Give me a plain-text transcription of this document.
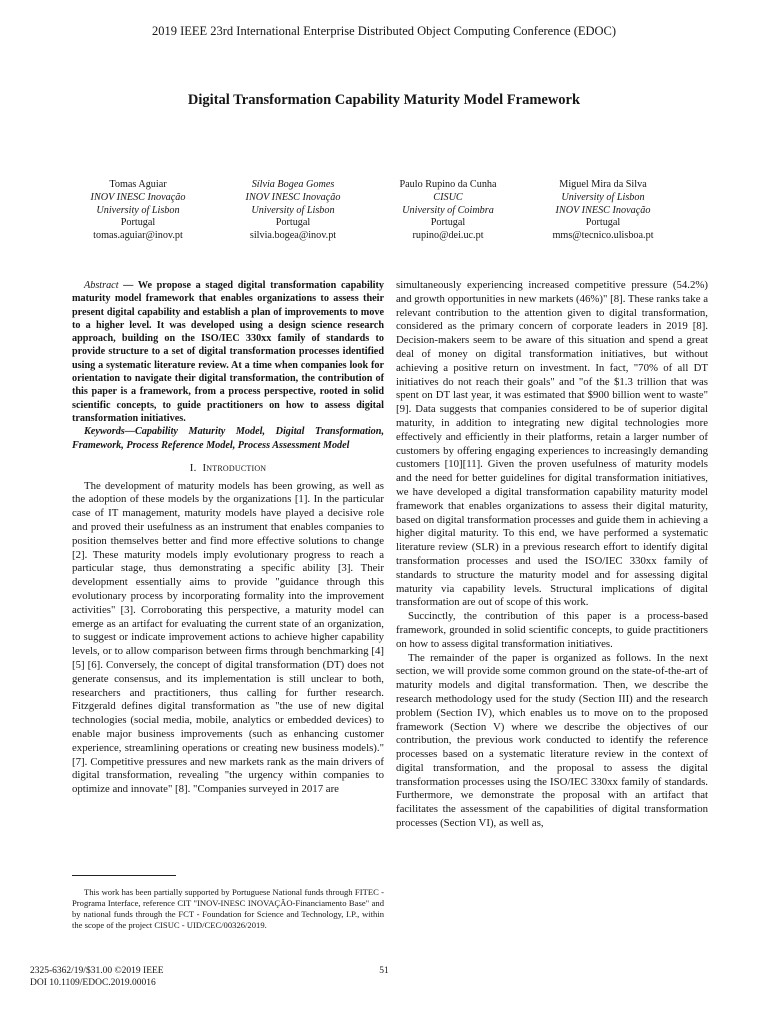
2019 IEEE 23rd International Enterprise Distributed Object Computing Conference (EDOC)
Digital Transformation Capability Maturity Model Framework
Tomas Aguiar
INOV INESC Inovação
University of Lisbon
Portugal
tomas.aguiar@inov.pt
Sílvia Bogea Gomes
INOV INESC Inovação
University of Lisbon
Portugal
silvia.bogea@inov.pt
Paulo Rupino da Cunha
CISUC
University of Coimbra
Portugal
rupino@dei.uc.pt
Miguel Mira da Silva
University of Lisbon
INOV INESC Inovação
Portugal
mms@tecnico.ulisboa.pt

Abstract — We propose a staged digital transformation capability maturity model framework that enables organizations to assess their present digital capability and establish a plan of improvements to move to a higher level. It was developed using a design science research approach, building on the ISO/IEC 330xx family of standards to provide structure to a set of digital transformation processes identified using a systematic literature review. At a time when companies look for orientation to navigate their digital transformation, the contribution of this paper is a framework, from a process perspective, rooted in solid scientific concepts, to guide practitioners on how to assess digital transformation initiatives.

Keywords—Capability Maturity Model, Digital Transformation, Framework, Process Reference Model, Process Assessment Model

I. Introduction

The development of maturity models has been growing, as well as the adoption of these models by the organizations [1]. In the particular case of IT management, maturity models have played a decisive role and proved their usefulness as an instrument that enables companies to position themselves better and find more effective solutions to change [2]. These maturity models imply evolutionary progress to reach a particular stage, thus demonstrating a specific ability [3]. Their development essentially aims to provide "guidance through this evolutionary process by incorporating formality into the improvement activities" [3]. Corroborating this perspective, a maturity model can emerge as an artifact for evaluating the current state of an organization, to suggest or indicate improvement actions to achieve higher capability levels, or to allow comparison between firms through benchmarking [4] [5] [6]. Conversely, the concept of digital transformation (DT) does not generate consensus, and its implementation is still unclear to both, researchers and practitioners, thus calling for further research. Fitzgerald defines digital transformation as "the use of new digital technologies (social media, mobile, analytics or embedded devices) to enable major business improvements (such as enhancing customer experience, streamlining operations or creating new business models)." [7]. Competitive pressures and new markets rank as the main drivers of digital transformation, revealing "the urgency within companies to optimize and innovate" [8]. "Companies surveyed in 2017 are

simultaneously experiencing increased competitive pressure (54.2%) and growth opportunities in new markets (46%)" [8]. These ranks take a relevant contribution to the attention given to digital transformation, considered as the primary concern of corporate leaders in 2019 [8]. Decision-makers seem to be aware of this situation and spend a great deal of money on digital transformation initiatives, but without achieving a positive return on investment. In fact, "70% of all DT initiatives do not reach their goals" and "of the $1.3 trillion that was spent on DT last year, it was estimated that $900 billion went to waste" [9]. Data suggests that companies considered to be of superior digital maturity, in addition to integrating new digital technologies more effectively and efficiently in their platforms, retain a larger number of customers by offering engaging experiences to increasingly demanding customers [10][11]. Given the proven usefulness of maturity models and the need for better guidelines for digital transformation initiatives, we have developed a digital transformation capability maturity model framework that enables organizations to assess their digital maturity, based on digital transformation processes and guide them in achieving a higher digital maturity. To this end, we have performed a systematic literature review (SLR) in a previous research effort to identify digital transformation processes and used the ISO/IEC 330xx family of standards to structure the maturity model and for assessing digital maturity via capability levels. Structural implications of digital transformation are out of scope of this work.

Succinctly, the contribution of this paper is a process-based framework, grounded in solid scientific concepts, to guide practitioners on how to assess digital transformation initiatives.

The remainder of the paper is organized as follows. In the next section, we will provide some common ground on the state-of-the-art of maturity models and digital transformation. Then, we describe the research methodology used for the study (Section III) and the research problem (Section IV), which enables us to move on to the proposed framework (Section V) where we describe the objectives of our contribution, the previous work conducted to identify the reference processes based on a systematic literature review in the context of digital transformation, and the proposal to assess the digital transformation processes using the ISO/IEC 330xx family of standards. Furthermore, we demonstrate the proposal with an artifact that facilitates the assessment of the capabilities of digital transformation processes (Section VI), as well as,

This work has been partially supported by Portuguese National funds through FITEC - Programa Interface, reference CIT "INOV-INESC INOVAÇÃO-Financiamento Base" and by national funds through the FCT - Foundation for Science and Technology, I.P., within the scope of the project CISUC - UID/CEC/00326/2019.

2325-6362/19/$31.00 ©2019 IEEE
DOI 10.1109/EDOC.2019.00016
51
